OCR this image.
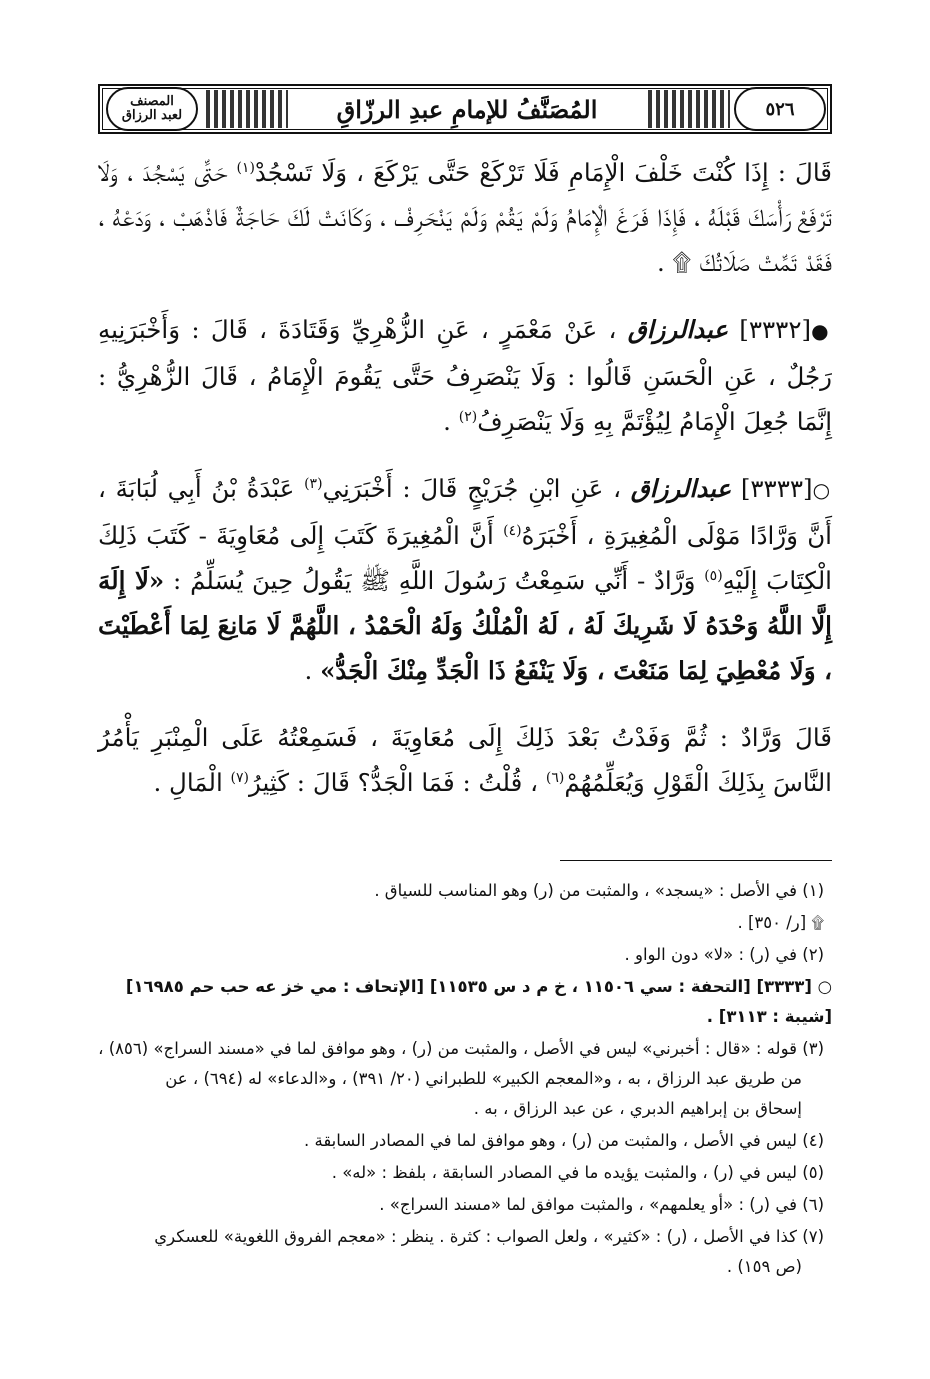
المصنف
لعبد الرزاق	٥٢٦
المُصَنَّفُ للإمامِ عبدِ الرزّاقِ

قَالَ : إِذَا كُنْتَ خَلْفَ الْإِمَامِ فَلَا تَرْكَعْ حَتَّى يَرْكَعَ ، وَلَا تَسْجُدْ$^{(١)}$ حَتَّى يَسْجُدَ ، وَلَا تَرْفَعْ رَأْسَكَ قَبْلَهُ ، فَإِذَا فَرَغَ الْإِمَامُ وَلَمْ يَقُمْ وَلَمْ يَنْحَرِفْ ، وَكَانَتْ لَكَ حَاجَةٌ فَاذْهَبْ ، وَدَعْهُ ، فَقَدْ تَمَّتْ صَلَاتُكَ ۩ .

●[٣٣٣٢] عبدالرزاق ، عَنْ مَعْمَرٍ ، عَنِ الزُّهْرِيِّ وَقَتَادَةَ ، قَالَ : وَأَخْبَرَنِيهِ رَجُلٌ ، عَنِ الْحَسَنِ قَالُوا : وَلَا يَنْصَرِفُ حَتَّى يَقُومَ الْإِمَامُ ، قَالَ الزُّهْرِيُّ : إِنَّمَا جُعِلَ الْإِمَامُ لِيُؤْتَمَّ بِهِ وَلَا يَنْصَرِفُ$^{(٢)}$ .

○[٣٣٣٣] عبدالرزاق ، عَنِ ابْنِ جُرَيْجٍ قَالَ : أَخْبَرَنِي$^{(٣)}$ عَبْدَةُ بْنُ أَبِي لُبَابَةَ ، أَنَّ وَرَّادًا مَوْلَى الْمُغِيرَةِ ، أَخْبَرَهُ$^{(٤)}$ أَنَّ الْمُغِيرَةَ كَتَبَ إِلَى مُعَاوِيَةَ - كَتَبَ ذَلِكَ الْكِتَابَ إِلَيْهِ$^{(٥)}$ وَرَّادٌ - أَنِّي سَمِعْتُ رَسُولَ اللَّهِ ﷺ يَقُولُ حِينَ يُسَلِّمُ : «لَا إِلَهَ إِلَّا اللَّهُ وَحْدَهُ لَا شَرِيكَ لَهُ ، لَهُ الْمُلْكُ وَلَهُ الْحَمْدُ ، اللَّهُمَّ لَا مَانِعَ لِمَا أَعْطَيْتَ ، وَلَا مُعْطِيَ لِمَا مَنَعْتَ ، وَلَا يَنْفَعُ ذَا الْجَدِّ مِنْكَ الْجَدُّ» .

قَالَ وَرَّادٌ : ثُمَّ وَفَدْتُ بَعْدَ ذَلِكَ إِلَى مُعَاوِيَةَ ، فَسَمِعْتُهُ عَلَى الْمِنْبَرِ يَأْمُرُ النَّاسَ بِذَلِكَ الْقَوْلِ وَيُعَلِّمُهُمْ$^{(٦)}$ ، قُلْتُ : فَمَا الْجَدُّ؟ قَالَ : كَثِيرُ$^{(٧)}$ الْمَالِ .

(١) في الأصل : «يسجد» ، والمثبت من (ر) وهو المناسب للسياق .

۩ [ر/ ٣٥٠] .

(٢) في (ر) : «لا» دون الواو .

○ [٣٣٣٣] [التحفة : سي ١١٥٠٦ ، خ م د س ١١٥٣٥] [الإتحاف : مي خز عه حب حم ١٦٩٨٥] [شيبة : ٣١١٣] .

(٣) قوله : «قال : أخبرني» ليس في الأصل ، والمثبت من (ر) ، وهو موافق لما في «مسند السراج» (٨٥٦) ،
من طريق عبد الرزاق ، به ، و«المعجم الكبير» للطبراني (٢٠/ ٣٩١) ، و«الدعاء» له (٦٩٤) ، عن
إسحاق بن إبراهيم الدبري ، عن عبد الرزاق ، به .

(٤) ليس في الأصل ، والمثبت من (ر) ، وهو موافق لما في المصادر السابقة .

(٥) ليس في (ر) ، والمثبت يؤيده ما في المصادر السابقة ، بلفظ : «له» .

(٦) في (ر) : «أو يعلمهم» ، والمثبت موافق لما «مسند السراج» .

(٧) كذا في الأصل ، (ر) : «كثير» ، ولعل الصواب : كثرة . ينظر : «معجم الفروق اللغوية» للعسكري
(ص ١٥٩) .
